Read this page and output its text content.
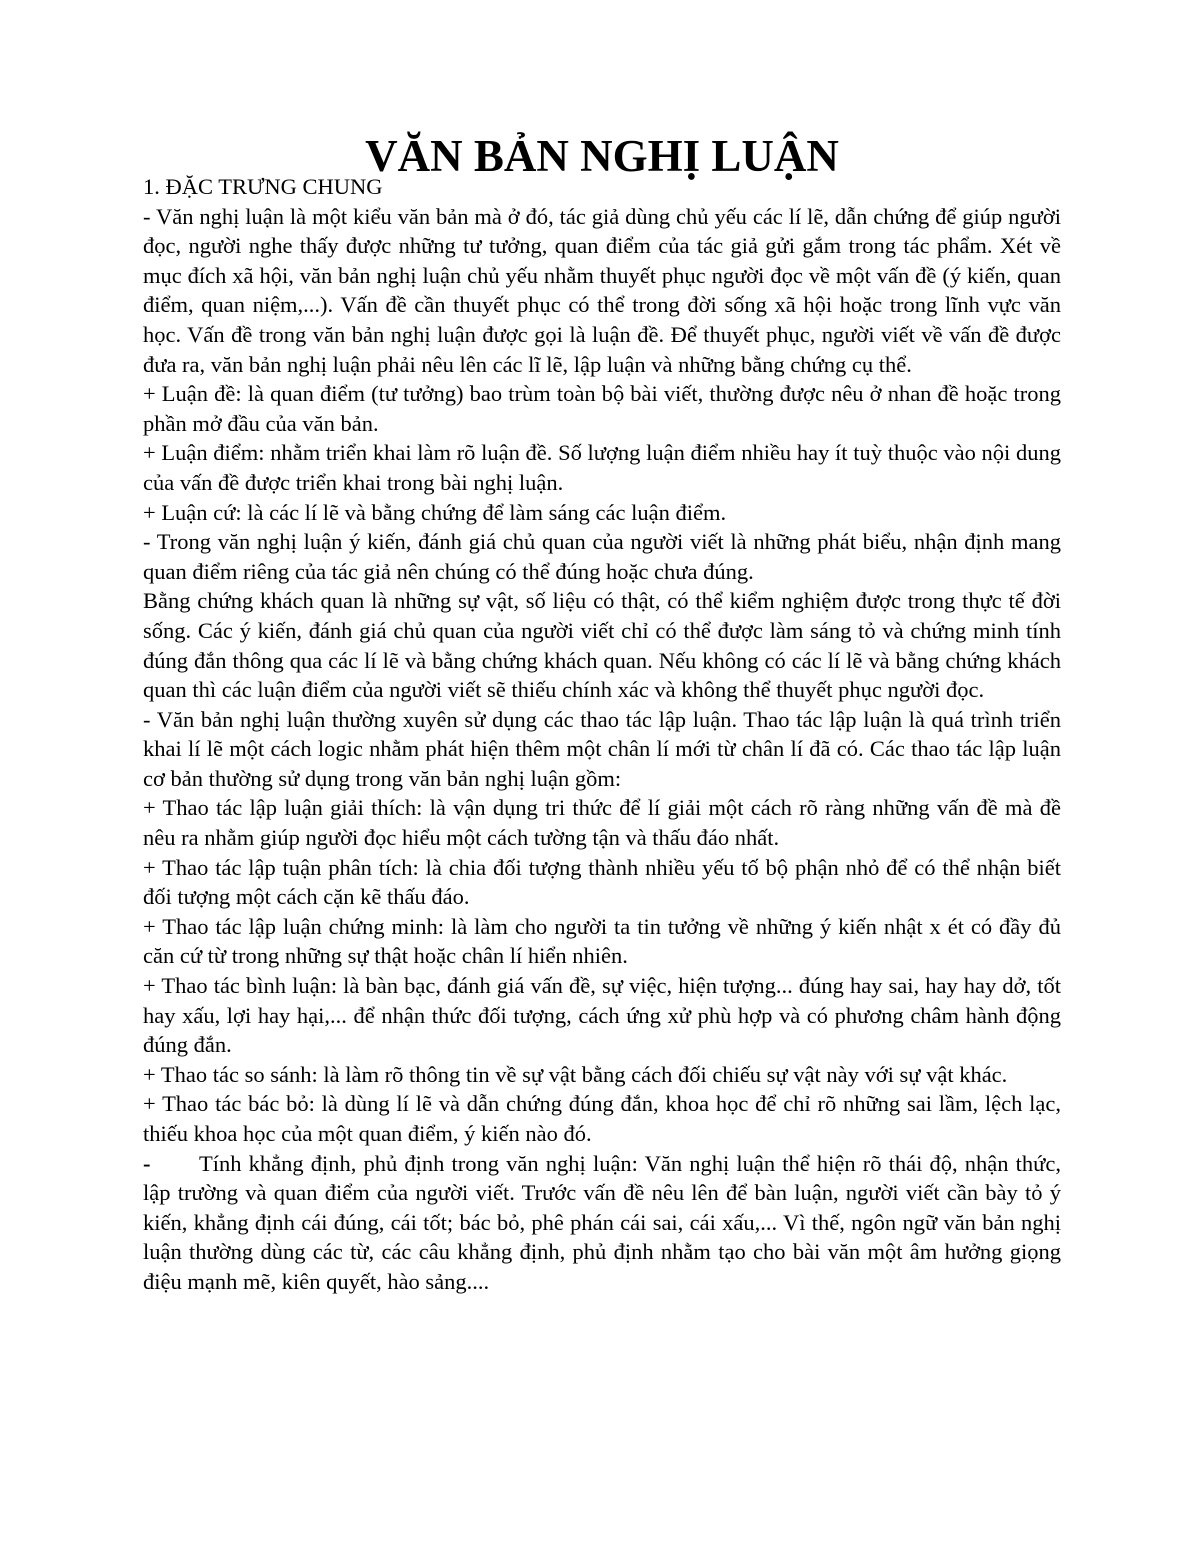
VĂN BẢN NGHỊ LUẬN
1. ĐẶC TRƯNG CHUNG

- Văn nghị luận là một kiểu văn bản mà ở đó, tác giả dùng chủ yếu các lí lẽ, dẫn chứng để giúp người đọc, người nghe thấy được những tư tưởng, quan điểm của tác giả gửi gắm trong tác phẩm. Xét về mục đích xã hội, văn bản nghị luận chủ yếu nhằm thuyết phục người đọc về một vấn đề (ý kiến, quan điểm, quan niệm,...). Vấn đề cần thuyết phục có thể trong đời sống xã hội hoặc trong lĩnh vực văn học. Vấn đề trong văn bản nghị luận được gọi là luận đề. Để thuyết phục, người viết về vấn đề được đưa ra, văn bản nghị luận phải nêu lên các lĩ lẽ, lập luận và những bằng chứng cụ thể.

+ Luận đề: là quan điểm (tư tưởng) bao trùm toàn bộ bài viết, thường được nêu ở nhan đề hoặc trong phần mở đầu của văn bản.

+ Luận điểm: nhằm triển khai làm rõ luận đề. Số lượng luận điểm nhiều hay ít tuỳ thuộc vào nội dung của vấn đề được triển khai trong bài nghị luận.

+ Luận cứ: là các lí lẽ và bằng chứng để làm sáng các luận điểm.

- Trong văn nghị luận ý kiến, đánh giá chủ quan của người viết là những phát biểu, nhận định mang quan điểm riêng của tác giả nên chúng có thể đúng hoặc chưa đúng.

Bằng chứng khách quan là những sự vật, số liệu có thật, có thể kiểm nghiệm được trong thực tế đời sống. Các ý kiến, đánh giá chủ quan của người viết chỉ có thể được làm sáng tỏ và chứng minh tính đúng đắn thông qua các lí lẽ và bằng chứng khách quan. Nếu không có các lí lẽ và bằng chứng khách quan thì các luận điểm của người viết sẽ thiếu chính xác và không thể thuyết phục người đọc.

- Văn bản nghị luận thường xuyên sử dụng các thao tác lập luận. Thao tác lập luận là quá trình triển khai lí lẽ một cách logic nhằm phát hiện thêm một chân lí mới từ chân lí đã có. Các thao tác lập luận cơ bản thường sử dụng trong văn bản nghị luận gồm:

+ Thao tác lập luận giải thích: là vận dụng tri thức để lí giải một cách rõ ràng những vấn đề mà đề nêu ra nhằm giúp người đọc hiểu một cách tường tận và thấu đáo nhất.

+ Thao tác lập tuận phân tích: là chia đối tượng thành nhiều yếu tố bộ phận nhỏ để có thể nhận biết đối tượng một cách cặn kẽ thấu đáo.

+ Thao tác lập luận chứng minh: là làm cho người ta tin tưởng về những ý kiến nhật x ét có đầy đủ căn cứ từ trong những sự thật hoặc chân lí hiển nhiên.

+ Thao tác bình luận: là bàn bạc, đánh giá vấn đề, sự việc, hiện tượng... đúng hay sai, hay hay dở, tốt hay xấu, lợi hay hại,... để nhận thức đối tượng, cách ứng xử phù hợp và có phương châm hành động đúng đắn.

+ Thao tác so sánh: là làm rõ thông tin về sự vật bằng cách đối chiếu sự vật này với sự vật khác.

+ Thao tác bác bỏ: là dùng lí lẽ và dẫn chứng đúng đắn, khoa học để chỉ rõ những sai lầm, lệch lạc, thiếu khoa học của một quan điểm, ý kiến nào đó.

- Tính khẳng định, phủ định trong văn nghị luận: Văn nghị luận thể hiện rõ thái độ, nhận thức, lập trường và quan điểm của người viết. Trước vấn đề nêu lên để bàn luận, người viết cần bày tỏ ý kiến, khẳng định cái đúng, cái tốt; bác bỏ, phê phán cái sai, cái xấu,... Vì thế, ngôn ngữ văn bản nghị luận thường dùng các từ, các câu khẳng định, phủ định nhằm tạo cho bài văn một âm hưởng giọng điệu mạnh mẽ, kiên quyết, hào sảng....
